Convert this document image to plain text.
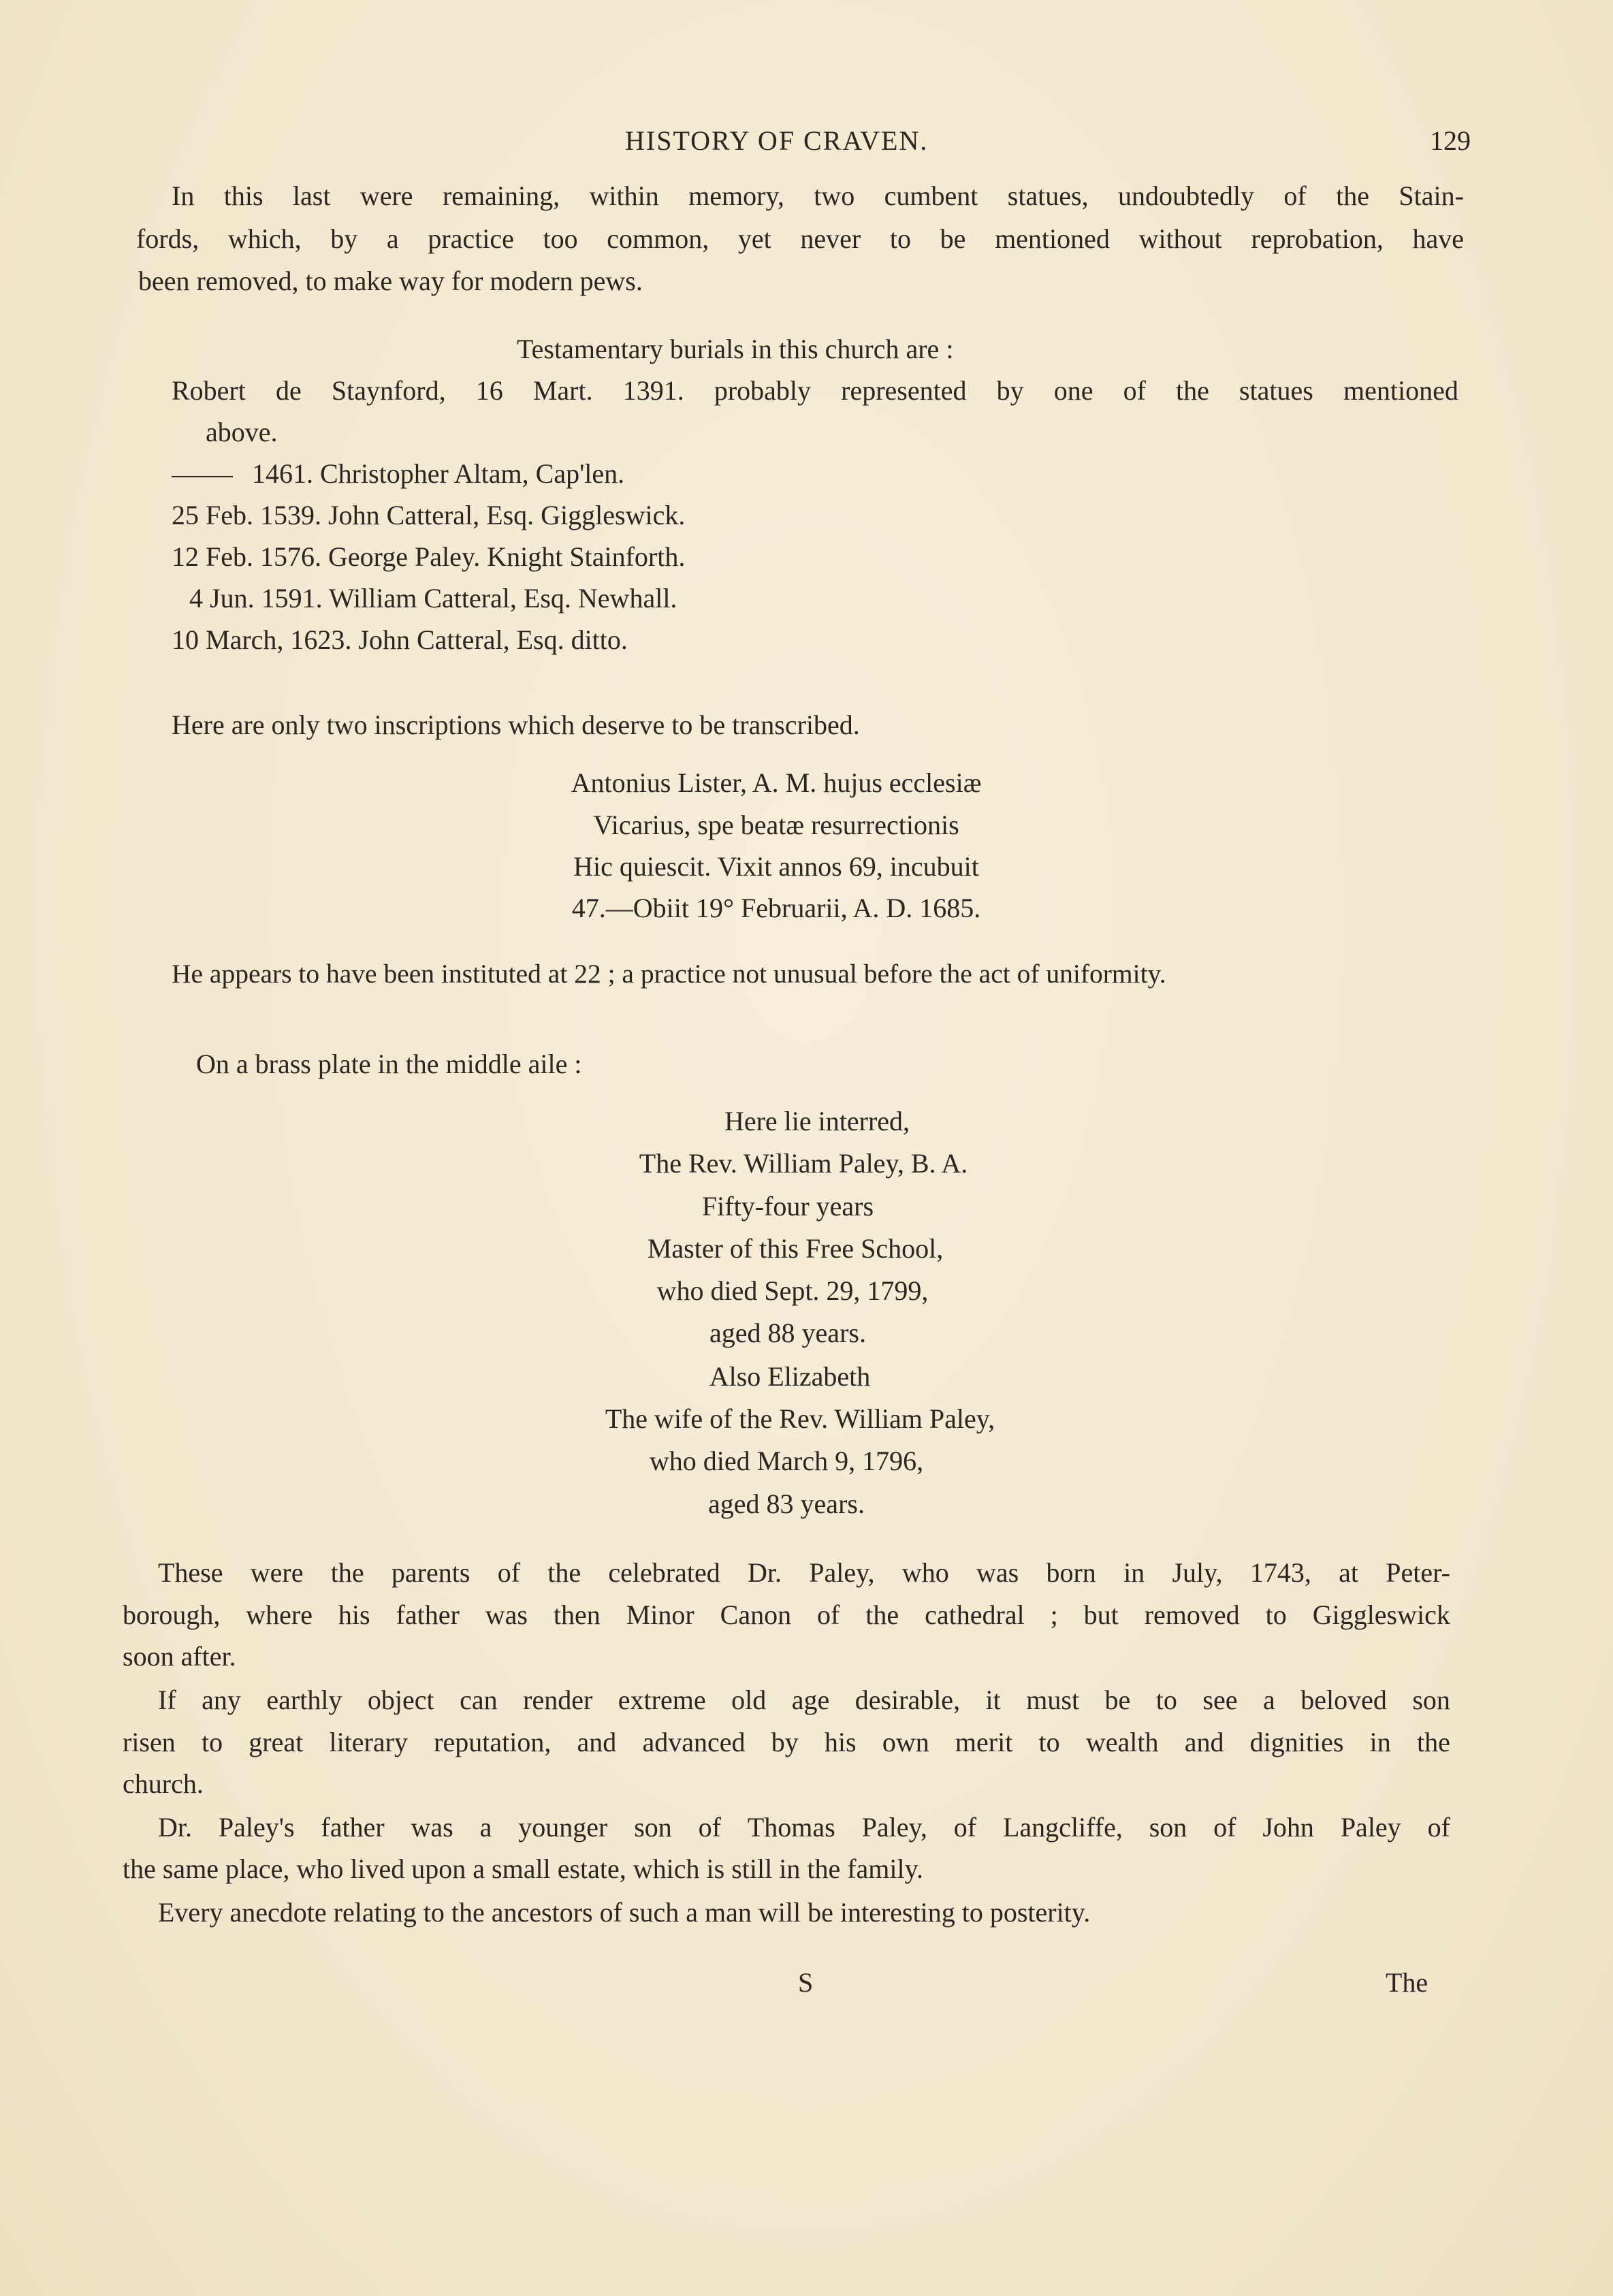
HISTORY OF CRAVEN.	129
In this last were remaining, within memory, two cumbent statues, undoubtedly of the Stain-
fords, which, by a practice too common, yet never to be mentioned without reprobation, have
been removed, to make way for modern pews.
Testamentary burials in this church are :
Robert de Staynford, 16 Mart. 1391. probably represented by one of the statues mentioned
above.
1461. Christopher Altam, Cap'len.
25 Feb. 1539. John Catteral, Esq. Giggleswick.
12 Feb. 1576. George Paley. Knight Stainforth.
4 Jun. 1591. William Catteral, Esq. Newhall.
10 March, 1623. John Catteral, Esq. ditto.
Here are only two inscriptions which deserve to be transcribed.
Antonius Lister, A. M. hujus ecclesiæ
Vicarius, spe beatæ resurrectionis
Hic quiescit. Vixit annos 69, incubuit
47.—Obiit 19° Februarii, A. D. 1685.
He appears to have been instituted at 22 ; a practice not unusual before the act of uniformity.
On a brass plate in the middle aile :
Here lie interred,
The Rev. William Paley, B. A.
Fifty-four years
Master of this Free School,
who died Sept. 29, 1799,
aged 88 years.
Also Elizabeth
The wife of the Rev. William Paley,
who died March 9, 1796,
aged 83 years.
These were the parents of the celebrated Dr. Paley, who was born in July, 1743, at Peter-
borough, where his father was then Minor Canon of the cathedral ; but removed to Giggleswick
soon after.
If any earthly object can render extreme old age desirable, it must be to see a beloved son
risen to great literary reputation, and advanced by his own merit to wealth and dignities in the
church.
Dr. Paley's father was a younger son of Thomas Paley, of Langcliffe, son of John Paley of
the same place, who lived upon a small estate, which is still in the family.
Every anecdote relating to the ancestors of such a man will be interesting to posterity.
S	The
